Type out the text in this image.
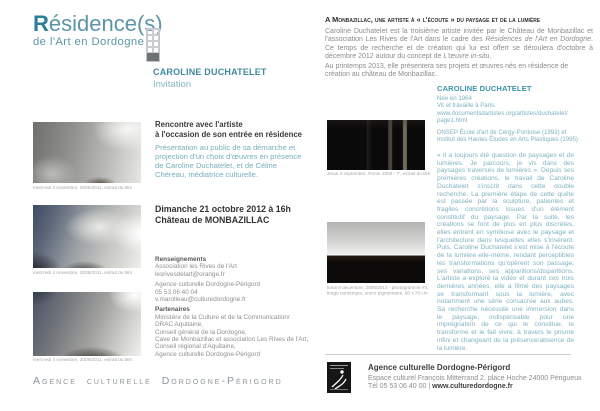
Résidence(s)
de l'Art en Dordogne
CAROLINE DUCHATELET
Invitation
mercredi 4 novembre, 2009/2011, extrait du film
mercredi 4 novembre, 2009/2011, extrait du film
mercredi 4 novembre, 2009/2011, extrait du film
Rencontre avec l'artiste
à l'occasion de son entrée en résidence
Présentation au public de sa démarche et projection d'un choix d'œuvres en présence de Caroline Duchatelet, et de Céline Chéreau, médiatrice culturelle.
Dimanche 21 octobre 2012 à 16h
Château de MONBAZILLAC
Renseignements
Association les Rives de l'Art
lesrivesdelart@orange.fr
Agence culturelle Dordogne-Périgord
05 53 06 40 04
v.marolleau@culturedordogne.fr
Partenaires
Ministère de la Culture et de la Communication/
DRAC Aquitaine,
Conseil général de la Dordogne,
Cave de Monbazillac et association Les Rives de l'Art,
Conseil régional d'Aquitaine,
Agence culturelle Dordogne-Périgord
Agence culturelle Dordogne-Périgord
Jeudi 3 septembre, Rome 2009 - 7', extrait du film
lundi 8 décembre, 2008/2013 - photogramme #4, tirage numérique, encre pigmentaire, 60 x 70 cm
A Monbazillac, une artiste à « l'écoute » du paysage et de la lumière

Caroline Duchatelet est la troisième artiste invitée par le Château de Monbazillac et l'association Les Rives de l'Art dans le cadre des Résidences de l'Art en Dordogne. Ce temps de recherche et de création qui lui est offert se déroulera d'octobre à décembre 2012 autour du concept de L'œuvre in-situ.

Au printemps 2013, elle présentera ses projets et œuvres nés en résidence de création au château de Monbazillac.

CAROLINE DUCHATELET
Née en 1964
Vit et travaille à Paris.
www.documentsdartistes.org/artistes/duchatelet/
page1.html
DNSEP École d'art de Cergy-Pontoise (1993) et
Institut des Hautes Études en Arts Plastiques (1995)
« Il a toujours été question de paysages et de lumières. Je parcours, je vis dans des paysages traversés de lumières ». Depuis ses premières créations, le travail de Caroline Duchatelet s'inscrit dans cette double recherche. La première étape de cette quête est passée par la sculpture, patientes et fragiles concrétions issues d'un élément constitutif du paysage. Par la suite, les créations se font de plus en plus discrètes, elles entrent en symbiose avec le paysage et l'architecture dans lesquelles elles s'insèrent. Puis, Caroline Duchatelet s'est mise à l'écoute de la lumière elle-même, rendant perceptibles les transformations qu'opèrent son passage, ses variations, ses apparitions/disparitions. L'artiste a exploré la vidéo et durant ces trois dernières années, elle a filmé des paysages se transformant sous la lumière, avec notamment une série consacrée aux aubes. Sa recherche nécessite une immersion dans le paysage, indispensable pour une imprégnation de ce qui le constitue, le transforme et le fait vivre, à travers le prisme infini et changeant de la présence/absence de la lumière.
Agence culturelle Dordogne-Périgord
Espace culturel François Mitterrand 2, place Hoche 24000 Périgueux
Tél 05 53 06 40 00 | www.culturedordogne.fr
